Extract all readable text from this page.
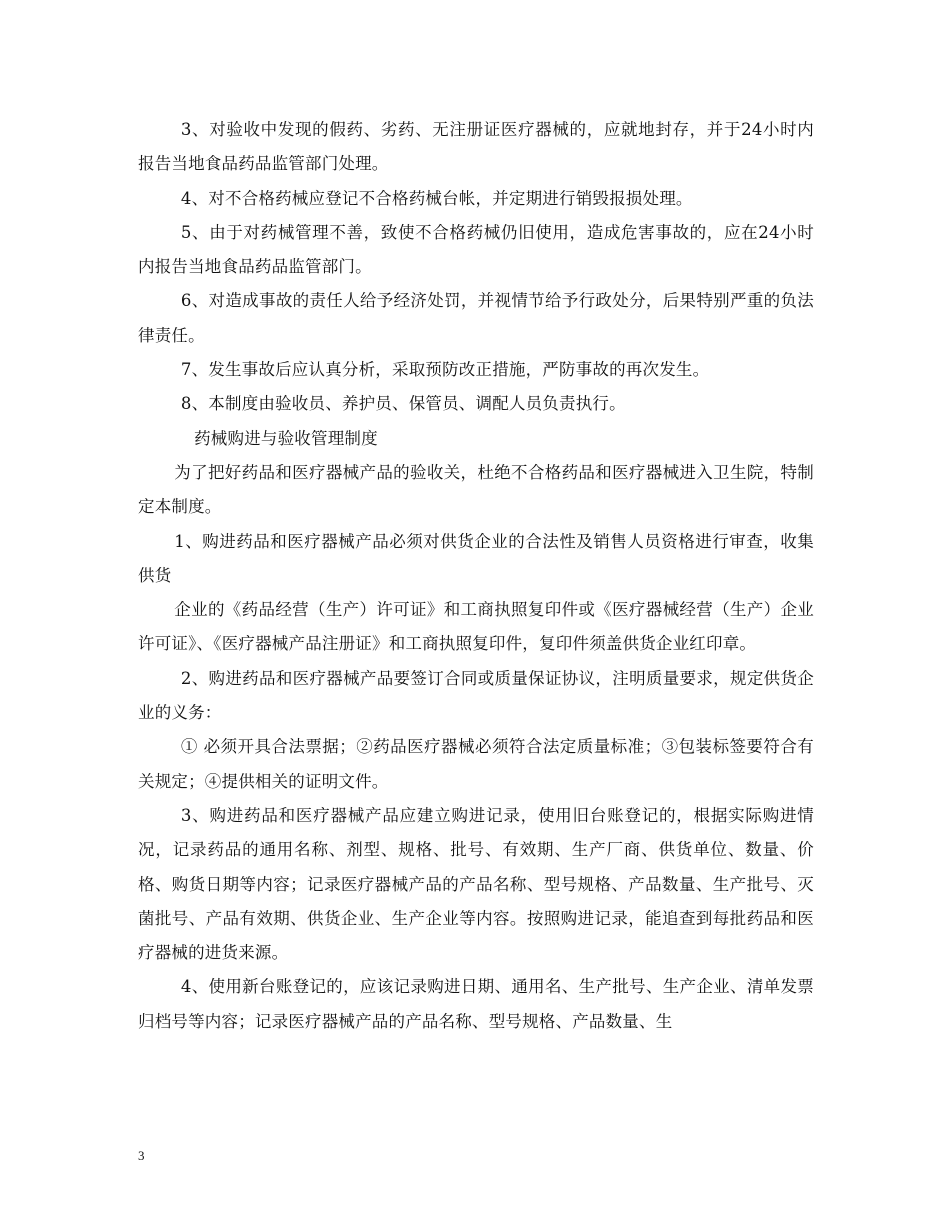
3、对验收中发现的假药、劣药、无注册证医疗器械的，应就地封存，并于24小时内报告当地食品药品监管部门处理。

4、对不合格药械应登记不合格药械台帐，并定期进行销毁报损处理。

5、由于对药械管理不善，致使不合格药械仍旧使用，造成危害事故的，应在24小时内报告当地食品药品监管部门。

6、对造成事故的责任人给予经济处罚，并视情节给予行政处分，后果特别严重的负法律责任。

7、发生事故后应认真分析，采取预防改正措施，严防事故的再次发生。

8、本制度由验收员、养护员、保管员、调配人员负责执行。

药械购进与验收管理制度

为了把好药品和医疗器械产品的验收关，杜绝不合格药品和医疗器械进入卫生院，特制定本制度。

1、购进药品和医疗器械产品必须对供货企业的合法性及销售人员资格进行审查，收集供货

企业的《药品经营（生产）许可证》和工商执照复印件或《医疗器械经营（生产）企业许可证》、《医疗器械产品注册证》和工商执照复印件，复印件须盖供货企业红印章。

2、购进药品和医疗器械产品要签订合同或质量保证协议，注明质量要求，规定供货企业的义务：

① 必须开具合法票据；②药品医疗器械必须符合法定质量标准；③包装标签要符合有关规定；④提供相关的证明文件。

3、购进药品和医疗器械产品应建立购进记录，使用旧台账登记的，根据实际购进情况，记录药品的通用名称、剂型、规格、批号、有效期、生产厂商、供货单位、数量、价格、购货日期等内容；记录医疗器械产品的产品名称、型号规格、产品数量、生产批号、灭菌批号、产品有效期、供货企业、生产企业等内容。按照购进记录，能追查到每批药品和医疗器械的进货来源。

4、使用新台账登记的，应该记录购进日期、通用名、生产批号、生产企业、清单发票归档号等内容；记录医疗器械产品的产品名称、型号规格、产品数量、生

3
